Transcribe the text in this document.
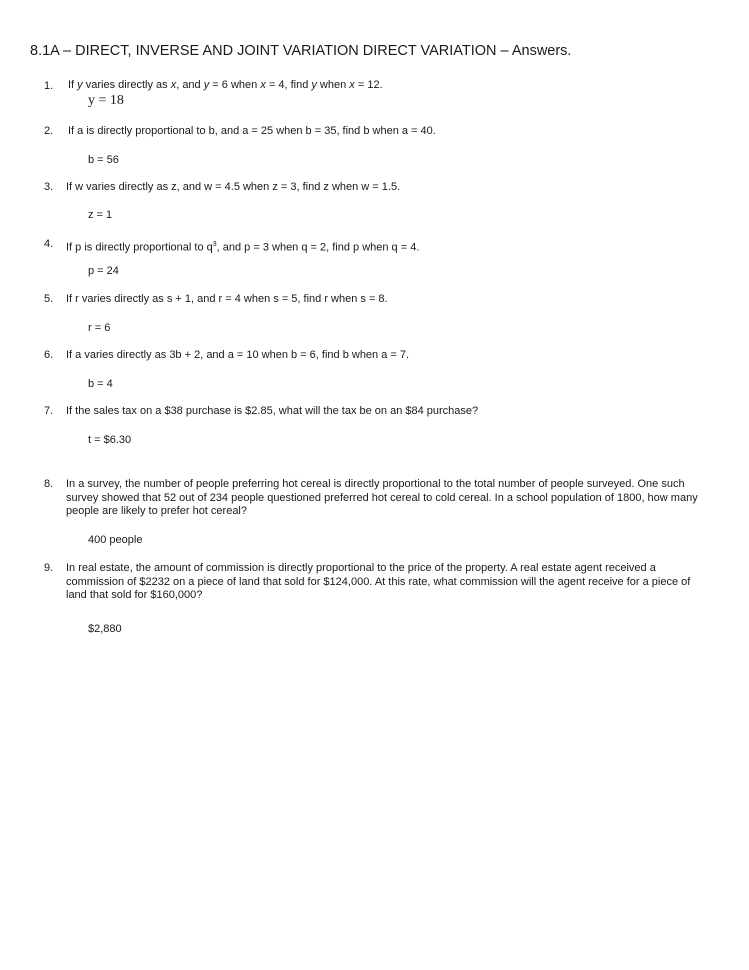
8.1A – DIRECT, INVERSE AND JOINT VARIATION DIRECT VARIATION – Answers.
1. If y varies directly as x, and y = 6 when x = 4, find y when x = 12.
y = 18
2. If a is directly proportional to b, and a = 25 when b = 35, find b when a = 40.
b = 56
3. If w varies directly as z, and w = 4.5 when z = 3, find z when w = 1.5.
z = 1
4. If p is directly proportional to $q^3$, and p = 3 when q = 2, find p when q = 4.
p = 24
5. If r varies directly as s + 1, and r = 4 when s = 5, find r when s = 8.
r = 6
6. If a varies directly as 3b + 2, and a = 10 when b = 6, find b when a = 7.
b = 4
7. If the sales tax on a $38 purchase is $2.85, what will the tax be on an $84 purchase?
t = $6.30
8. In a survey, the number of people preferring hot cereal is directly proportional to the total number of people surveyed. One such survey showed that 52 out of 234 people questioned preferred hot cereal to cold cereal. In a school population of 1800, how many people are likely to prefer hot cereal?
400 people
9. In real estate, the amount of commission is directly proportional to the price of the property. A real estate agent received a commission of $2232 on a piece of land that sold for $124,000. At this rate, what commission will the agent receive for a piece of land that sold for $160,000?
$2,880
